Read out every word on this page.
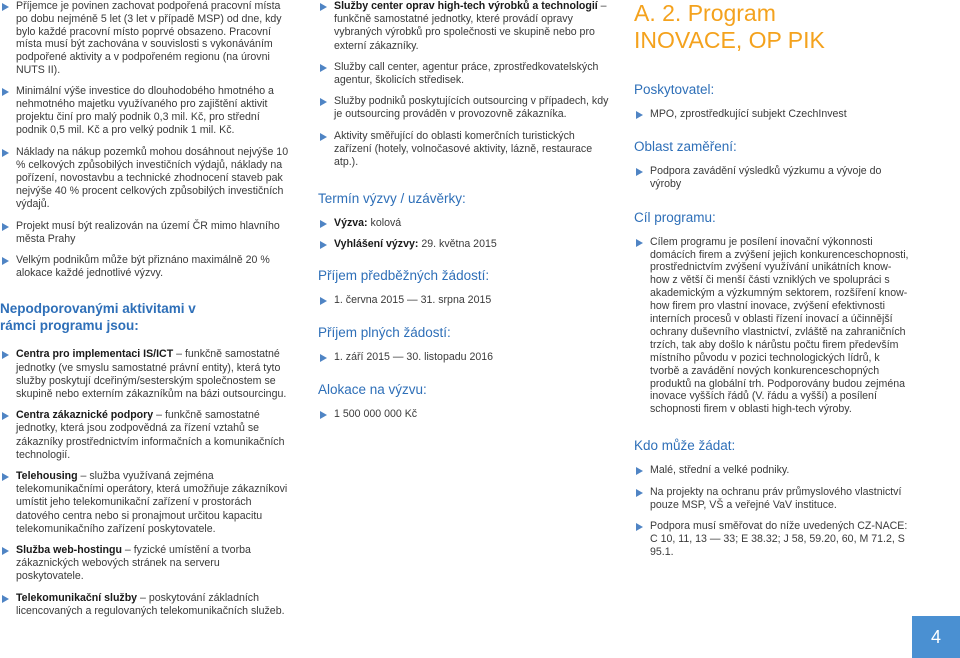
Příjemce je povinen zachovat podpořená pracovní místa po dobu nejméně 5 let (3 let v případě MSP) od dne, kdy bylo každé pracovní místo poprvé obsazeno. Pracovní místa musí být zachována v souvislosti s vykonáváním podpořené aktivity a v podpořeném regionu (na úrovni NUTS II).
Minimální výše investice do dlouhodobého hmotného a nehmotného majetku využívaného pro zajištění aktivit projektu činí pro malý podnik 0,3 mil. Kč, pro střední podnik 0,5 mil. Kč a pro velký podnik 1 mil. Kč.
Náklady na nákup pozemků mohou dosáhnout nejvýše 10 % celkových způsobilých investičních výdajů, náklady na pořízení, novostavbu a technické zhodnocení staveb pak nejvýše 40 % procent celkových způsobilých investičních výdajů.
Projekt musí být realizován na území ČR mimo hlavního města Prahy
Velkým podnikům může být přiznáno maximálně 20 % alokace každé jednotlivé výzvy.
Nepodporovanými aktivitami v rámci programu jsou:
Centra pro implementaci IS/ICT – funkčně samostatné jednotky (ve smyslu samostatné právní entity), která tyto služby poskytují dceřiným/sesterským společnostem se skupině nebo externím zákazníkům na bázi outsourcingu.
Centra zákaznické podpory – funkčně samostatné jednotky, která jsou zodpovědná za řízení vztahů se zákazníky prostřednictvím informačních a komunikačních technologií.
Telehousing – služba využívaná zejména telekomunikačními operátory, která umožňuje zákazníkovi umístit jeho telekomunikační zařízení v prostorách datového centra nebo si pronajmout určitou kapacitu telekomunikačního zařízení poskytovatele.
Služba web-hostingu – fyzické umístění a tvorba zákaznických webových stránek na serveru poskytovatele.
Telekomunikační služby – poskytování základních licencovaných a regulovaných telekomunikačních služeb.
Služby center oprav high-tech výrobků a technologií – funkčně samostatné jednotky, které provádí opravy vybraných výrobků pro společnosti ve skupině nebo pro externí zákazníky.
Služby call center, agentur práce, zprostředkovatelských agentur, školicích středisek.
Služby podniků poskytujících outsourcing v případech, kdy je outsourcing prováděn v provozovně zákazníka.
Aktivity směřující do oblasti komerčních turistických zařízení (hotely, volnočasové aktivity, lázně, restaurace atp.).
Termín výzvy / uzávěrky:
Výzva: kolová
Vyhlášení výzvy: 29. května 2015
Příjem předběžných žádostí:
1. června 2015 — 31. srpna 2015
Příjem plných žádostí:
1. září 2015 — 30. listopadu 2016
Alokace na výzvu:
1 500 000 000 Kč
A. 2. Program
INOVACE, OP PIK
Poskytovatel:
MPO, zprostředkující subjekt CzechInvest
Oblast zaměření:
Podpora zavádění výsledků výzkumu a vývoje do výroby
Cíl programu:
Cílem programu je posílení inovační výkonnosti domácích firem a zvýšení jejich konkurenceschopnosti, prostřednictvím zvýšení využívání unikátních know-how z větší či menší části vzniklých ve spolupráci s akademickým a výzkumným sektorem, rozšíření know-how firem pro vlastní inovace, zvýšení efektivnosti interních procesů v oblasti řízení inovací a účinnější ochrany duševního vlastnictví, zvláště na zahraničních trzích, tak aby došlo k nárůstu počtu firem především místního původu v pozici technologických lídrů, k tvorbě a zavádění nových konkurenceschopných produktů na globální trh. Podporovány budou zejména inovace vyšších řádů (V. řádu a vyšší) a posílení schopnosti firem v oblasti high-tech výroby.
Kdo může žádat:
Malé, střední a velké podniky.
Na projekty na ochranu práv průmyslového vlastnictví pouze MSP, VŠ a veřejné VaV instituce.
Podpora musí směřovat do níže uvedených CZ-NACE: C 10, 11, 13 — 33; E 38.32; J 58, 59.20, 60, M 71.2, S 95.1.
4
